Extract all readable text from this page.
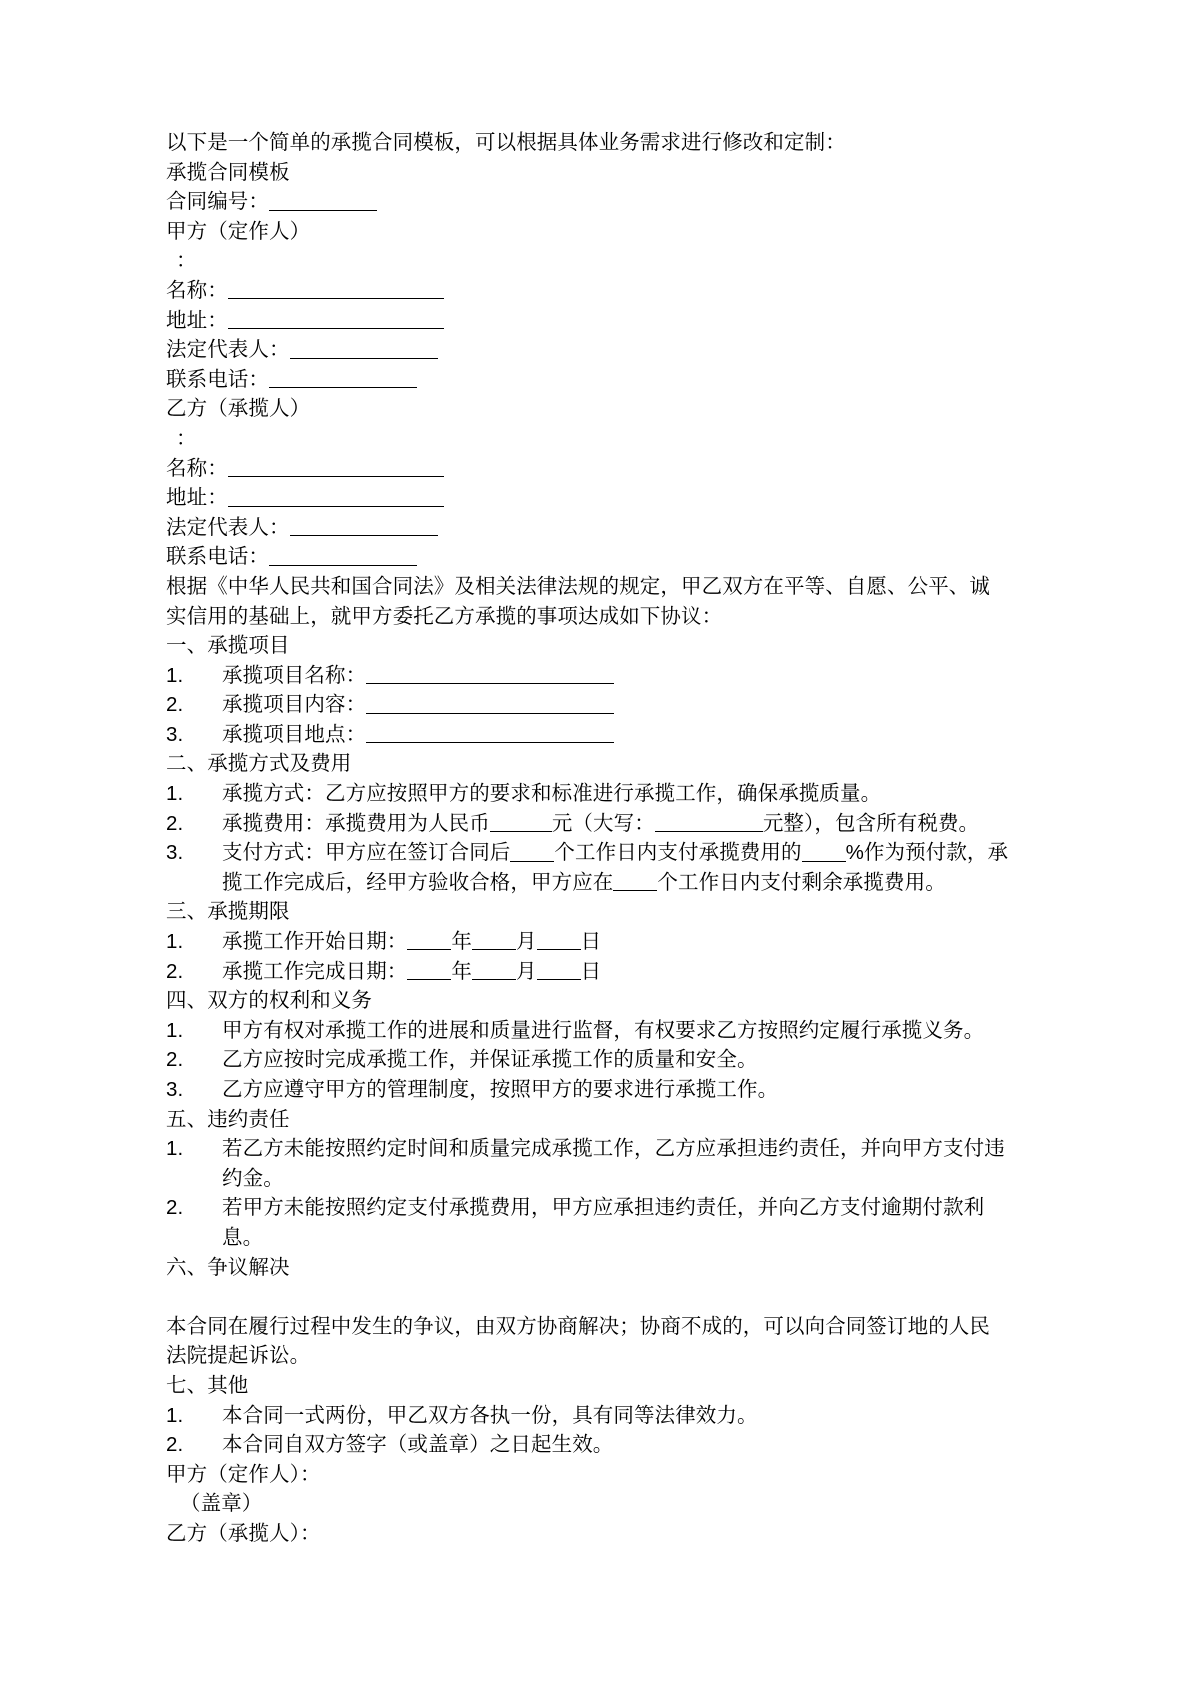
以下是一个简单的承揽合同模板，可以根据具体业务需求进行修改和定制：

承揽合同模板

合同编号：

甲方（定作人）

：

名称：

地址：

法定代表人：

联系电话：

乙方（承揽人）

：

名称：

地址：

法定代表人：

联系电话：

根据《中华人民共和国合同法》及相关法律法规的规定，甲乙双方在平等、自愿、公平、诚实信用的基础上，就甲方委托乙方承揽的事项达成如下协议：

一、承揽项目

1. 承揽项目名称：

2. 承揽项目内容：

3. 承揽项目地点：

二、承揽方式及费用

1. 承揽方式：乙方应按照甲方的要求和标准进行承揽工作，确保承揽质量。

2. 承揽费用：承揽费用为人民币	元（大写：	元整），包含所有税费。

3. 支付方式：甲方应在签订合同后 个工作日内支付承揽费用的 %作为预付款，承揽工作完成后，经甲方验收合格，甲方应在 个工作日内支付剩余承揽费用。

三、承揽期限

1. 承揽工作开始日期： 年 月 日

2. 承揽工作完成日期： 年 月 日

四、双方的权利和义务

1. 甲方有权对承揽工作的进展和质量进行监督，有权要求乙方按照约定履行承揽义务。

2. 乙方应按时完成承揽工作，并保证承揽工作的质量和安全。

3. 乙方应遵守甲方的管理制度，按照甲方的要求进行承揽工作。

五、违约责任

1. 若乙方未能按照约定时间和质量完成承揽工作，乙方应承担违约责任，并向甲方支付违约金。

2. 若甲方未能按照约定支付承揽费用，甲方应承担违约责任，并向乙方支付逾期付款利息。

六、争议解决

本合同在履行过程中发生的争议，由双方协商解决；协商不成的，可以向合同签订地的人民法院提起诉讼。

七、其他

1. 本合同一式两份，甲乙双方各执一份，具有同等法律效力。

2. 本合同自双方签字（或盖章）之日起生效。

甲方（定作人）：

（盖章）

乙方（承揽人）：
